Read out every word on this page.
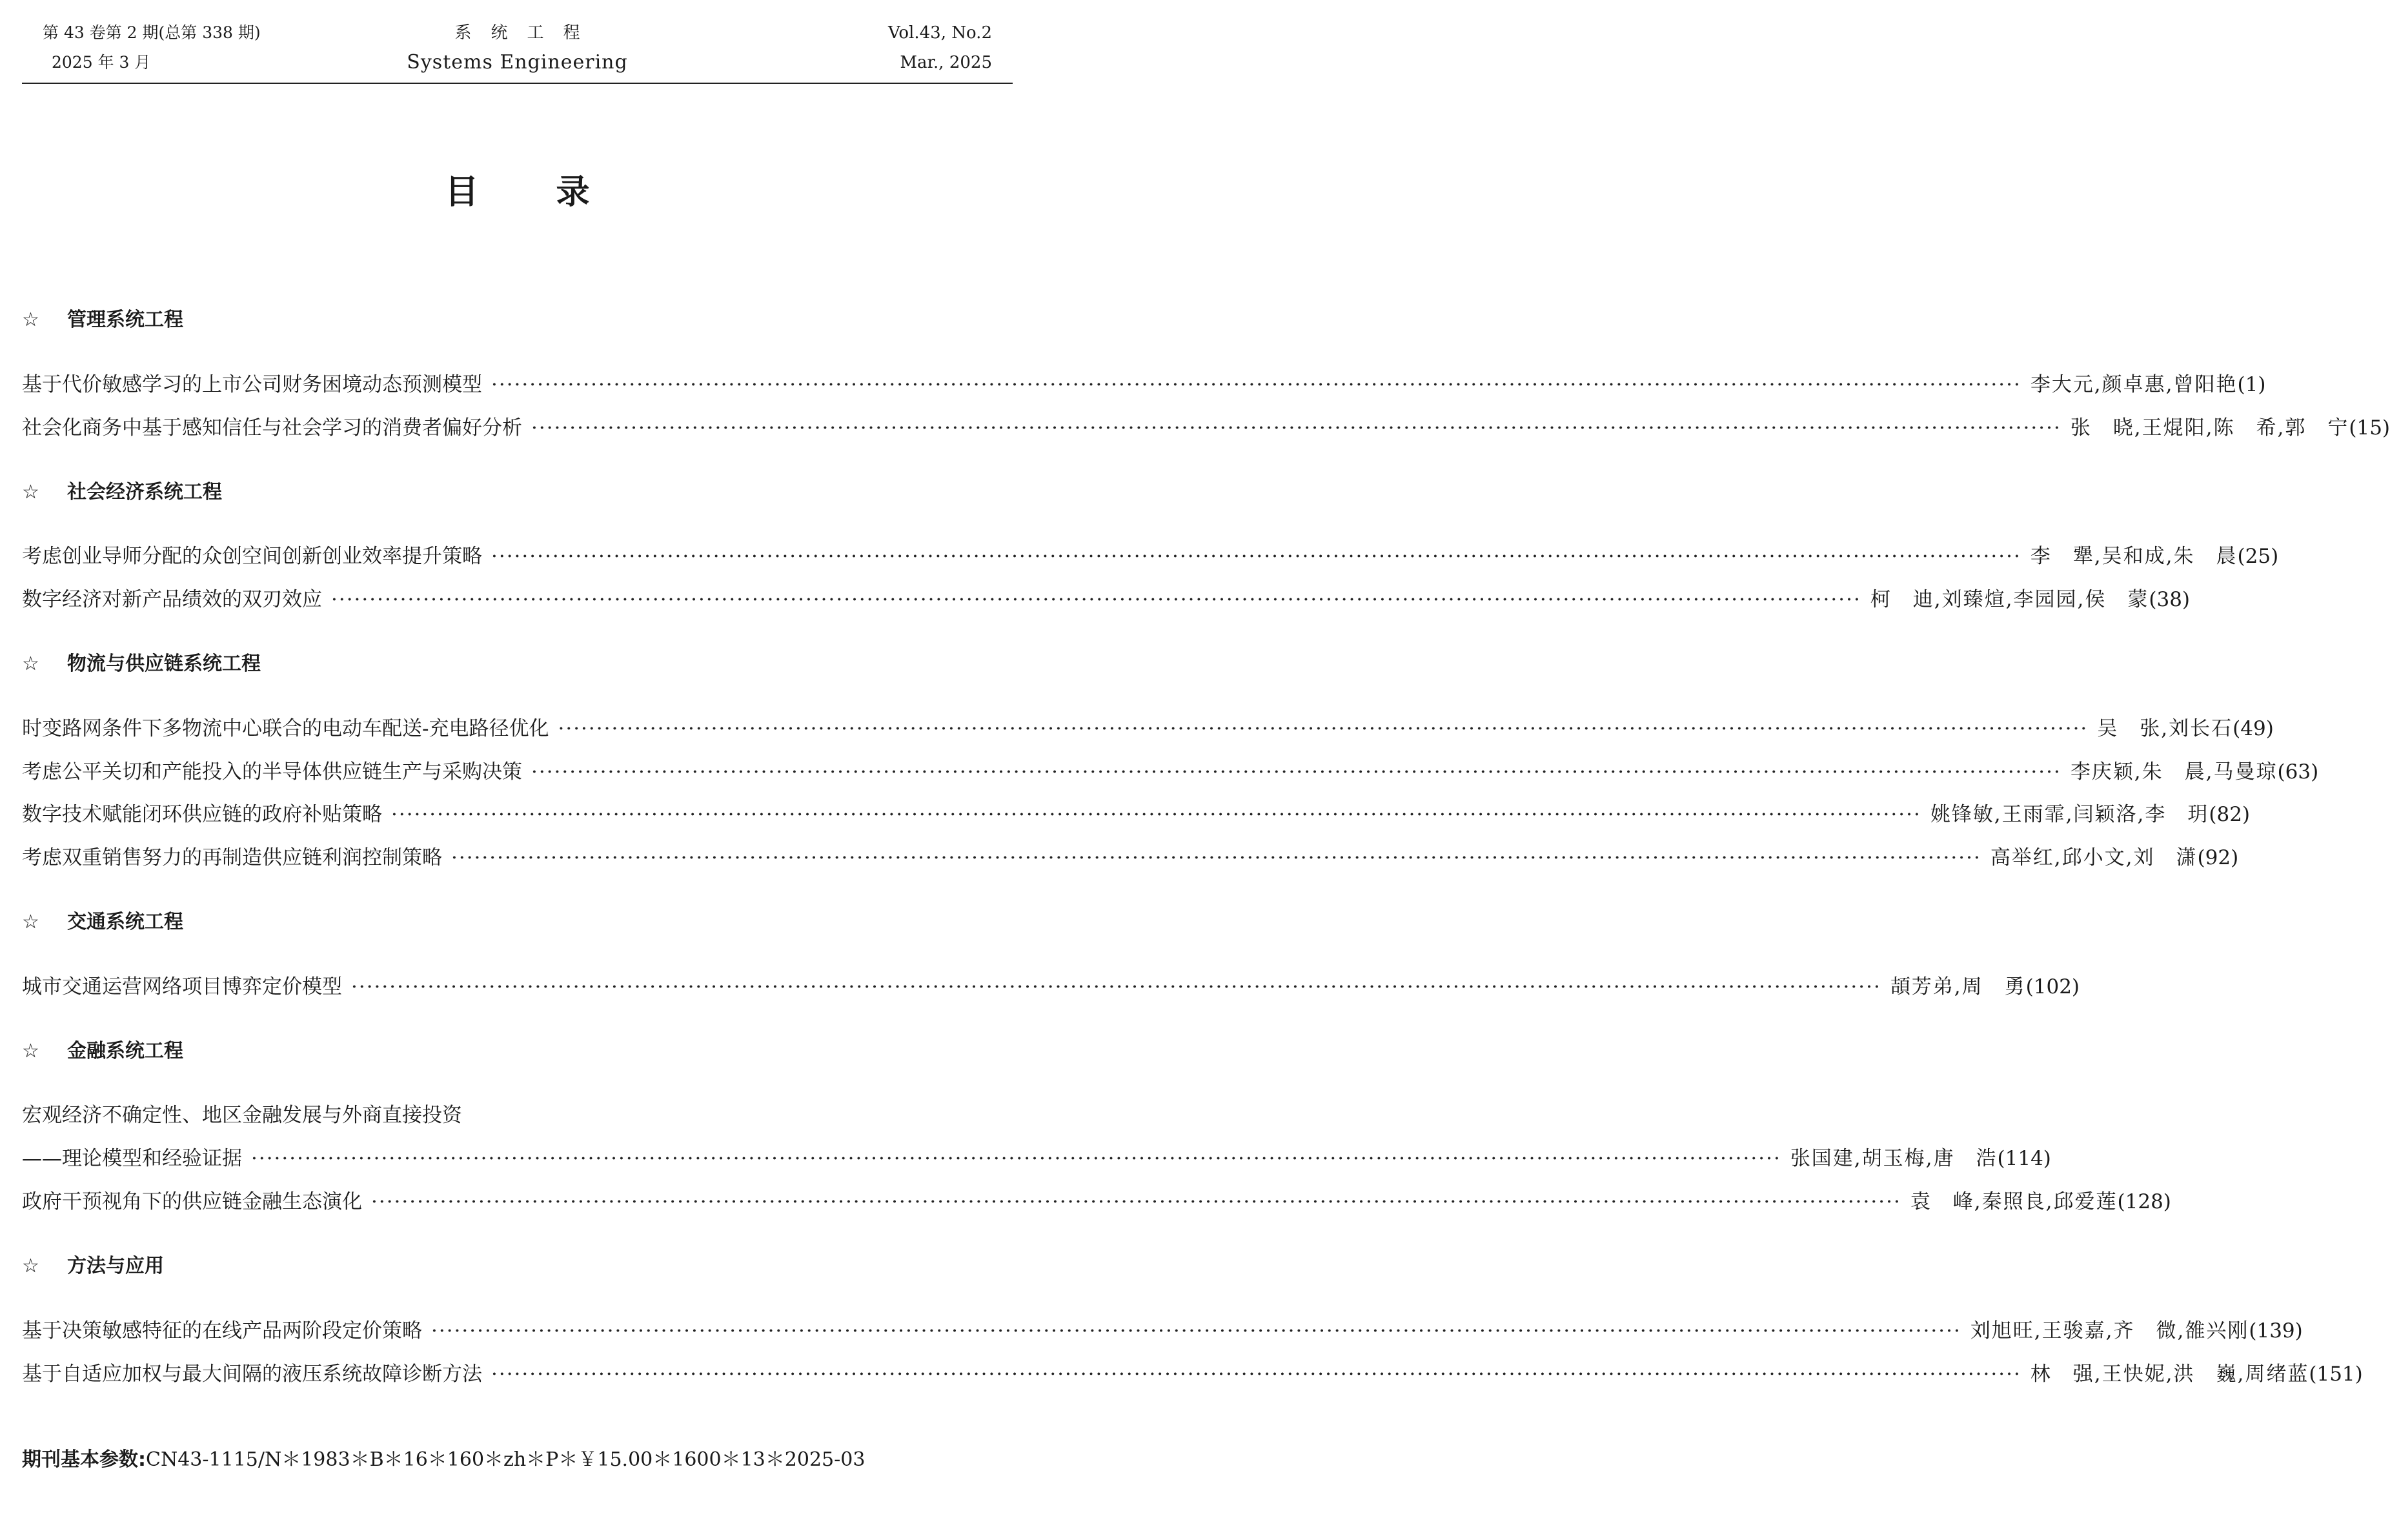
第 43 卷第 2 期(总第 338 期)
2025 年 3 月
系统工程
Systems Engineering
Vol.43, No.2
Mar., 2025
目录
☆ 管理系统工程
基于代价敏感学习的上市公司财务困境动态预测模型 ········································································································································································································ 李大元,颜卓惠,曾阳艳 (1)
社会化商务中基于感知信任与社会学习的消费者偏好分析 ········································································································································································································ 张　晓,王焜阳,陈　希,郭　宁 (15)
☆ 社会经济系统工程
考虑创业导师分配的众创空间创新创业效率提升策略 ········································································································································································································ 李　犟,吴和成,朱　晨 (25)
数字经济对新产品绩效的双刃效应 ········································································································································································································ 柯　迪,刘臻煊,李园园,侯　蒙 (38)
☆ 物流与供应链系统工程
时变路网条件下多物流中心联合的电动车配送-充电路径优化 ········································································································································································································ 吴　张,刘长石 (49)
考虑公平关切和产能投入的半导体供应链生产与采购决策 ········································································································································································································ 李庆颖,朱　晨,马曼琼 (63)
数字技术赋能闭环供应链的政府补贴策略 ········································································································································································································ 姚锋敏,王雨霏,闫颖洛,李　玥 (82)
考虑双重销售努力的再制造供应链利润控制策略 ········································································································································································································ 高举红,邱小文,刘　潇 (92)
☆ 交通系统工程
城市交通运营网络项目博弈定价模型 ········································································································································································································ 頡芳弟,周　勇 (102)
☆ 金融系统工程
宏观经济不确定性、地区金融发展与外商直接投资
——理论模型和经验证据 ········································································································································································································ 张国建,胡玉梅,唐　浩 (114)
政府干预视角下的供应链金融生态演化 ········································································································································································································ 袁　峰,秦照良,邱爱莲 (128)
☆ 方法与应用
基于决策敏感特征的在线产品两阶段定价策略 ········································································································································································································ 刘旭旺,王骏嘉,齐　微,雒兴刚 (139)
基于自适应加权与最大间隔的液压系统故障诊断方法 ········································································································································································································ 林　强,王快妮,洪　巍,周绪蓝 (151)
期刊基本参数:CN43-1115/N＊1983＊B＊16＊160＊zh＊P＊￥15.00＊1600＊13＊2025-03
